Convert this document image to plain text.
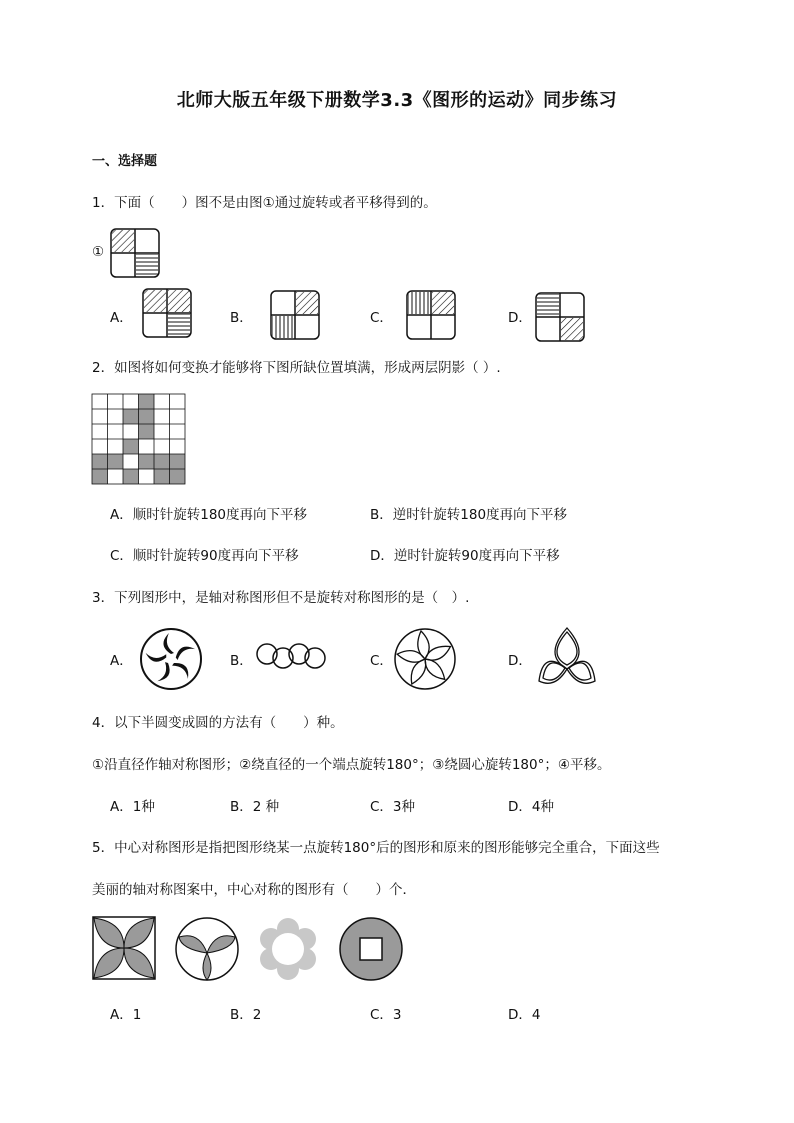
北师大版五年级下册数学3.3《图形的运动》同步练习
一、选择题
1．下面（　　）图不是由图①通过旋转或者平移得到的。
①
A．	B．	C．	D．
2．如图将如何变换才能够将下图所缺位置填满，形成两层阴影（ ）.
A．顺时针旋转180度再向下平移	B．逆时针旋转180度再向下平移
C．顺时针旋转90度再向下平移	D．逆时针旋转90度再向下平移
3．下列图形中，是轴对称图形但不是旋转对称图形的是（　）.
A．	B．	C．	D．
4．以下半圆变成圆的方法有（　　）种。
①沿直径作轴对称图形；②绕直径的一个端点旋转180°；③绕圆心旋转180°；④平移。
A．1种	B．2 种	C．3种	D．4种
5．中心对称图形是指把图形绕某一点旋转180°后的图形和原来的图形能够完全重合，下面这些
美丽的轴对称图案中，中心对称的图形有（　　）个．
A．1	B．2	C．3	D．4
